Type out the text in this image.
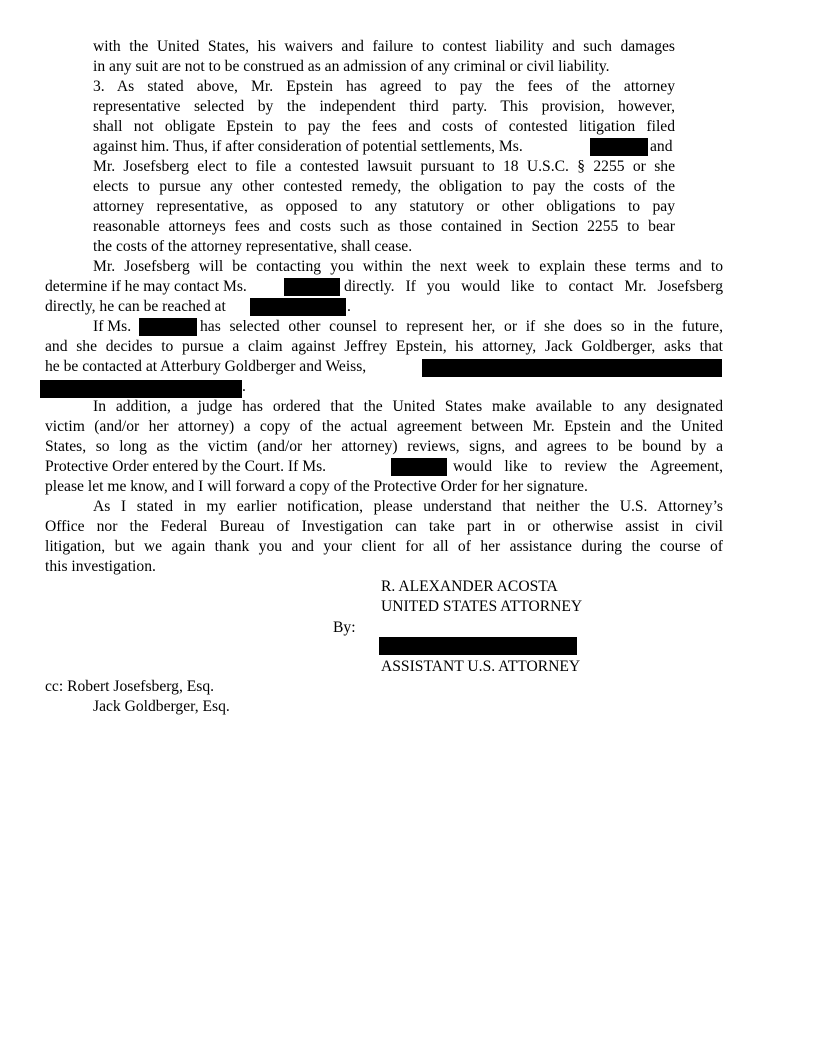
with the United States, his waivers and failure to contest liability and such damages
in any suit are not to be construed as an admission of any criminal or civil liability.
3. As stated above, Mr. Epstein has agreed to pay the fees of the attorney
representative selected by the independent third party. This provision, however,
shall not obligate Epstein to pay the fees and costs of contested litigation filed
against him. Thus, if after consideration of potential settlements, Ms.	and
Mr. Josefsberg elect to file a contested lawsuit pursuant to 18 U.S.C. § 2255 or she
elects to pursue any other contested remedy, the obligation to pay the costs of the
attorney representative, as opposed to any statutory or other obligations to pay
reasonable attorneys fees and costs such as those contained in Section 2255 to bear
the costs of the attorney representative, shall cease.
Mr. Josefsberg will be contacting you within the next week to explain these terms and to
determine if he may contact Ms.	directly. If you would like to contact Mr. Josefsberg
directly, he can be reached at	.
If Ms.	has selected other counsel to represent her, or if she does so in the future,
and she decides to pursue a claim against Jeffrey Epstein, his attorney, Jack Goldberger, asks that
he be contacted at Atterbury Goldberger and Weiss,
.
In addition, a judge has ordered that the United States make available to any designated
victim (and/or her attorney) a copy of the actual agreement between Mr. Epstein and the United
States, so long as the victim (and/or her attorney) reviews, signs, and agrees to be bound by a
Protective Order entered by the Court. If Ms.	would like to review the Agreement,
please let me know, and I will forward a copy of the Protective Order for her signature.
As I stated in my earlier notification, please understand that neither the U.S. Attorney’s
Office nor the Federal Bureau of Investigation can take part in or otherwise assist in civil
litigation, but we again thank you and your client for all of her assistance during the course of
this investigation.
R. ALEXANDER ACOSTA
UNITED STATES ATTORNEY
By:
ASSISTANT U.S. ATTORNEY
cc: Robert Josefsberg, Esq.
Jack Goldberger, Esq.
